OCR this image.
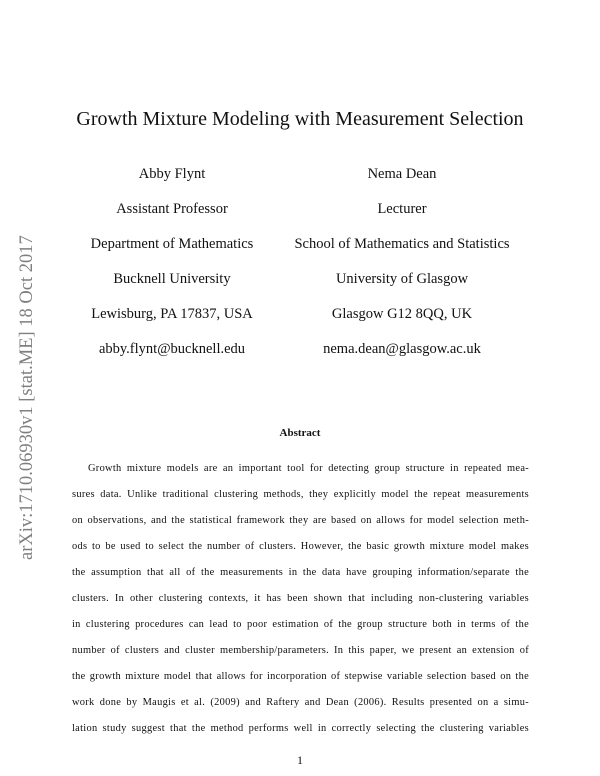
arXiv:1710.06930v1 [stat.ME] 18 Oct 2017
Growth Mixture Modeling with Measurement Selection
Abby Flynt
Assistant Professor
Department of Mathematics
Bucknell University
Lewisburg, PA 17837, USA
abby.flynt@bucknell.edu
Nema Dean
Lecturer
School of Mathematics and Statistics
University of Glasgow
Glasgow G12 8QQ, UK
nema.dean@glasgow.ac.uk
Abstract
Growth mixture models are an important tool for detecting group structure in repeated mea-
sures data. Unlike traditional clustering methods, they explicitly model the repeat measurements
on observations, and the statistical framework they are based on allows for model selection meth-
ods to be used to select the number of clusters. However, the basic growth mixture model makes
the assumption that all of the measurements in the data have grouping information/separate the
clusters. In other clustering contexts, it has been shown that including non-clustering variables
in clustering procedures can lead to poor estimation of the group structure both in terms of the
number of clusters and cluster membership/parameters. In this paper, we present an extension of
the growth mixture model that allows for incorporation of stepwise variable selection based on the
work done by Maugis et al. (2009) and Raftery and Dean (2006). Results presented on a simu-
lation study suggest that the method performs well in correctly selecting the clustering variables
1
